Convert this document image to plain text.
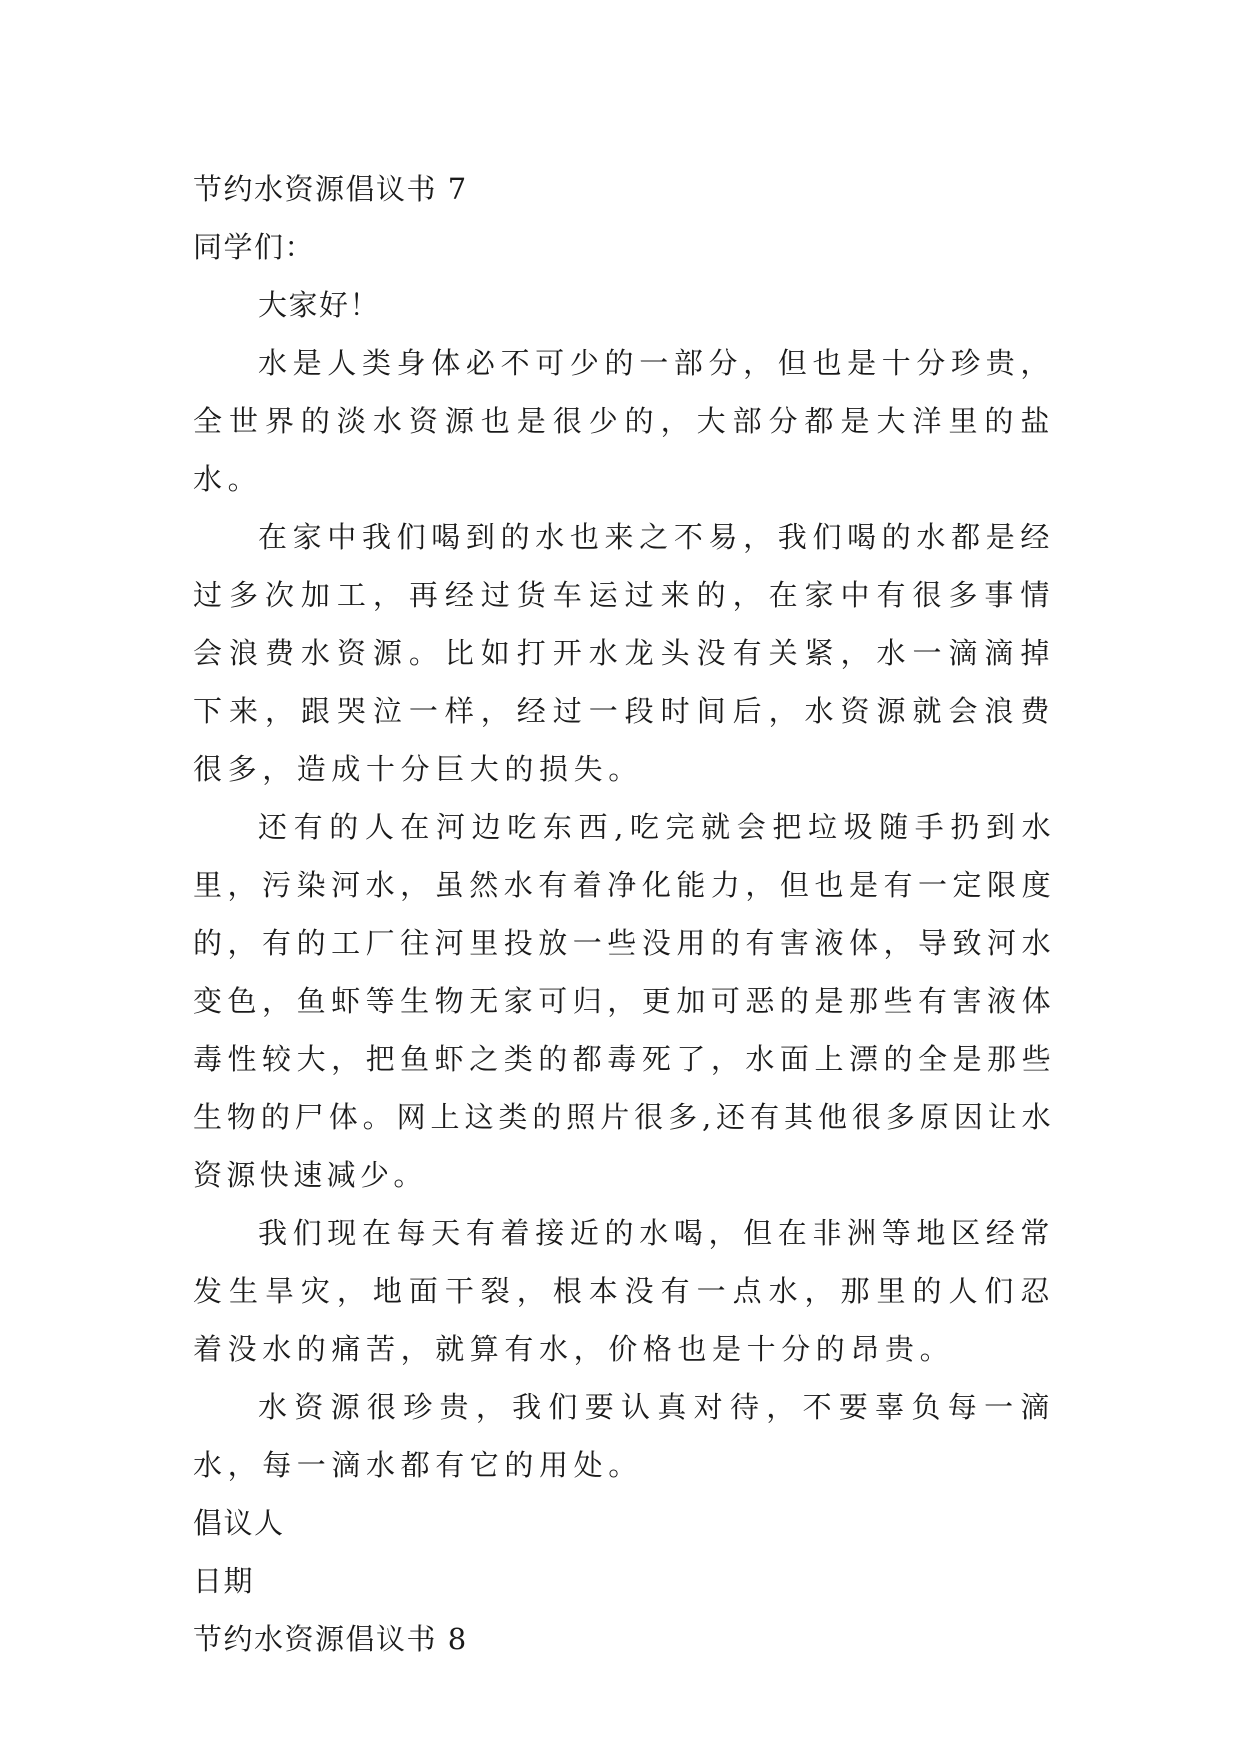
节约水资源倡议书 7

同学们：

大家好！

水是人类身体必不可少的一部分，但也是十分珍贵，全世界的淡水资源也是很少的，大部分都是大洋里的盐水。

在家中我们喝到的水也来之不易，我们喝的水都是经过多次加工，再经过货车运过来的，在家中有很多事情会浪费水资源。比如打开水龙头没有关紧，水一滴滴掉下来，跟哭泣一样，经过一段时间后，水资源就会浪费很多，造成十分巨大的损失。

还有的人在河边吃东西,吃完就会把垃圾随手扔到水里，污染河水，虽然水有着净化能力，但也是有一定限度的，有的工厂往河里投放一些没用的有害液体，导致河水变色，鱼虾等生物无家可归，更加可恶的是那些有害液体毒性较大，把鱼虾之类的都毒死了，水面上漂的全是那些生物的尸体。网上这类的照片很多,还有其他很多原因让水资源快速减少。

我们现在每天有着接近的水喝，但在非洲等地区经常发生旱灾，地面干裂，根本没有一点水，那里的人们忍着没水的痛苦，就算有水，价格也是十分的昂贵。

水资源很珍贵，我们要认真对待，不要辜负每一滴水，每一滴水都有它的用处。

倡议人

日期

节约水资源倡议书 8
